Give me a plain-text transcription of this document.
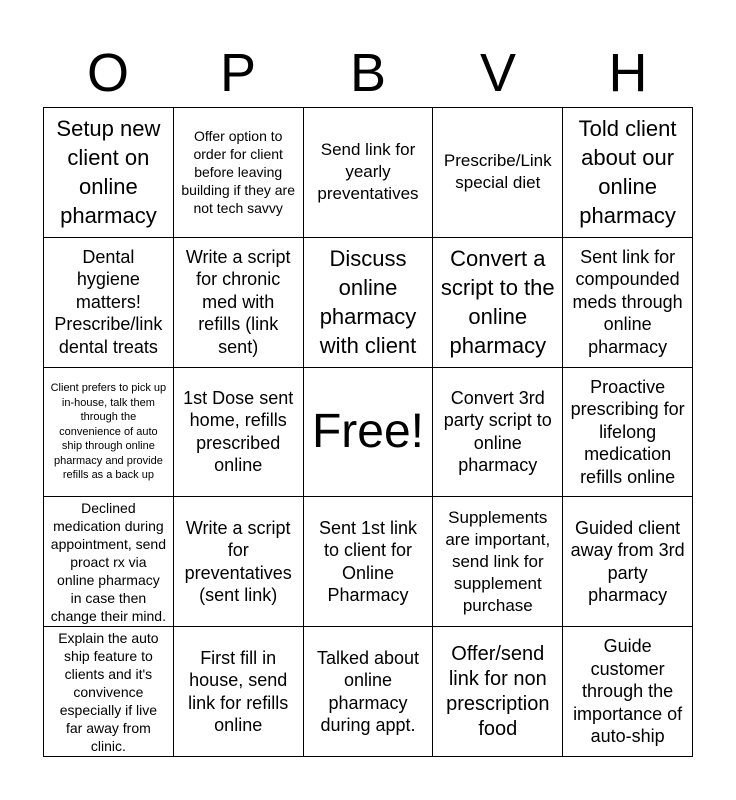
O	P	B	V	H
Setup new client on online pharmacy
Offer option to order for client before leaving building if they are not tech savvy
Send link for yearly preventatives
Prescribe/Link special diet
Told client about our online pharmacy
Dental hygiene matters! Prescribe/link dental treats
Write a script for chronic med with refills (link sent)
Discuss online pharmacy with client
Convert a script to the online pharmacy
Sent link for compounded meds through online pharmacy
Client prefers to pick up in-house, talk them through the convenience of auto ship through online pharmacy and provide refills as a back up
1st Dose sent home, refills prescribed online
Free!
Convert 3rd party script to online pharmacy
Proactive prescribing for lifelong medication refills online
Declined medication during appointment, send proact rx via online pharmacy in case then change their mind.
Write a script for preventatives (sent link)
Sent 1st link to client for Online Pharmacy
Supplements are important, send link for supplement purchase
Guided client away from 3rd party pharmacy
Explain the auto ship feature to clients and it's convivence especially if live far away from clinic.
First fill in house, send link for refills online
Talked about online pharmacy during appt.
Offer/send link for non prescription food
Guide customer through the importance of auto-ship
